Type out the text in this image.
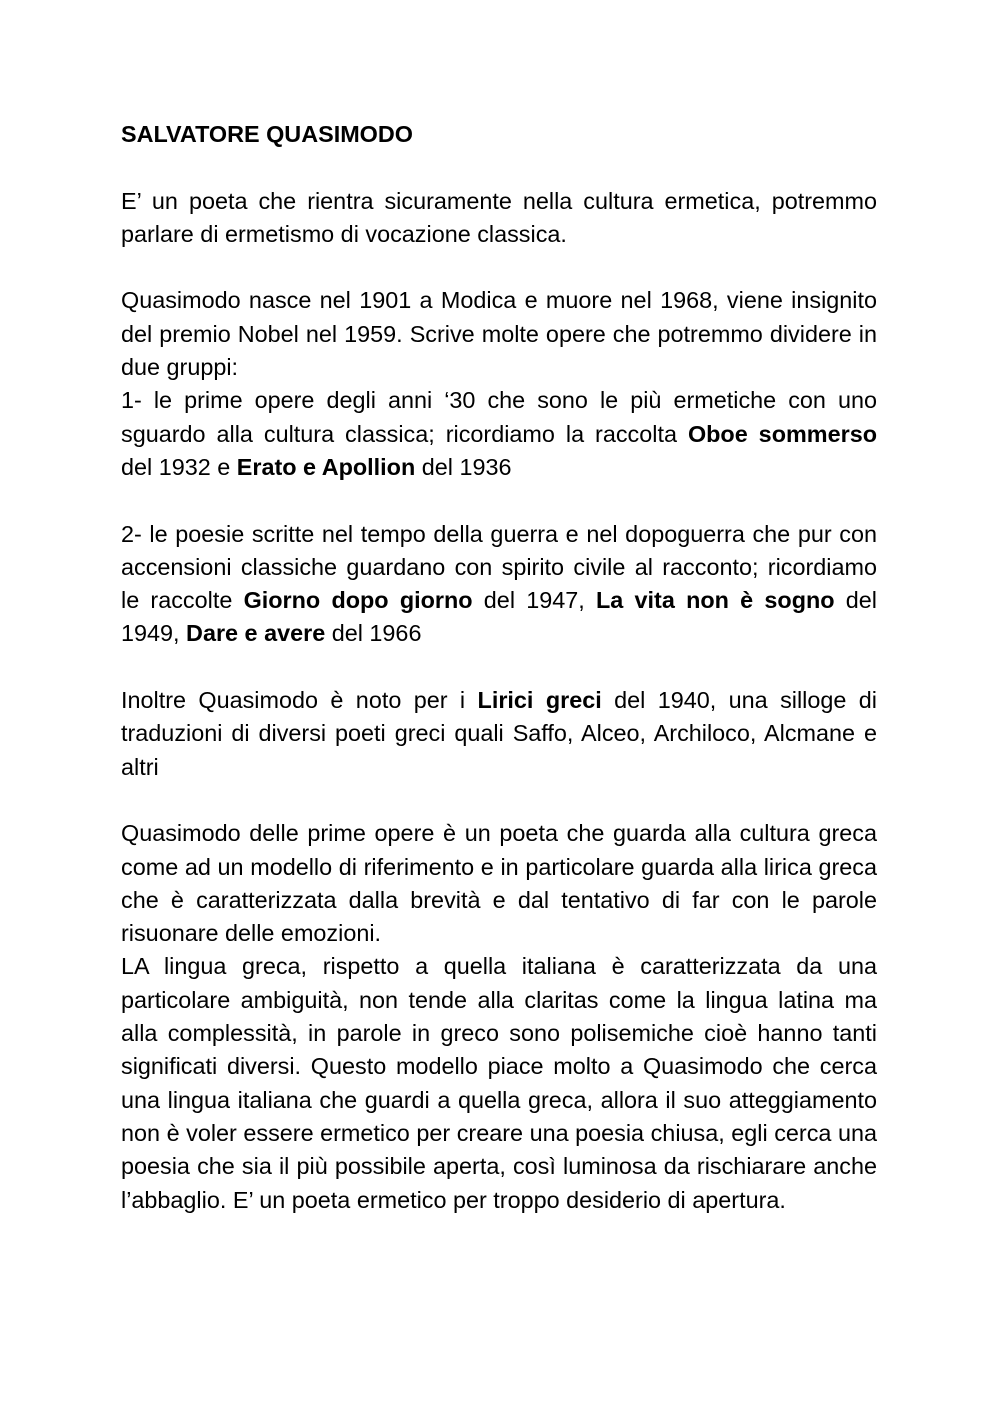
SALVATORE QUASIMODO

E’ un poeta che rientra sicuramente nella cultura ermetica, potremmo parlare di ermetismo di vocazione classica.

Quasimodo nasce nel 1901 a Modica e muore nel 1968, viene insignito del premio Nobel nel 1959. Scrive molte opere che potremmo dividere in due gruppi:

1- le prime opere degli anni ‘30 che sono le più ermetiche con uno sguardo alla cultura classica; ricordiamo la raccolta Oboe sommerso del 1932 e Erato e Apollion del 1936

2- le poesie scritte nel tempo della guerra e nel dopoguerra che pur con accensioni classiche guardano con spirito civile al racconto; ricordiamo le raccolte Giorno dopo giorno del 1947, La vita non è sogno del 1949, Dare e avere del 1966

Inoltre Quasimodo è noto per i Lirici greci del 1940, una silloge di traduzioni di diversi poeti greci quali Saffo, Alceo, Archiloco, Alcmane e altri

Quasimodo delle prime opere è un poeta che guarda alla cultura greca come ad un modello di riferimento e in particolare guarda alla lirica greca che è caratterizzata dalla brevità e dal tentativo di far con le parole risuonare delle emozioni.

LA lingua greca, rispetto a quella italiana è caratterizzata da una particolare ambiguità, non tende alla claritas come la lingua latina ma alla complessità, in parole in greco sono polisemiche cioè hanno tanti significati diversi. Questo modello piace molto a Quasimodo che cerca una lingua italiana che guardi a quella greca, allora il suo atteggiamento non è voler essere ermetico per creare una poesia chiusa, egli cerca una poesia che sia il più possibile aperta, così luminosa da rischiarare anche l’abbaglio. E’ un poeta ermetico per troppo desiderio di apertura.
